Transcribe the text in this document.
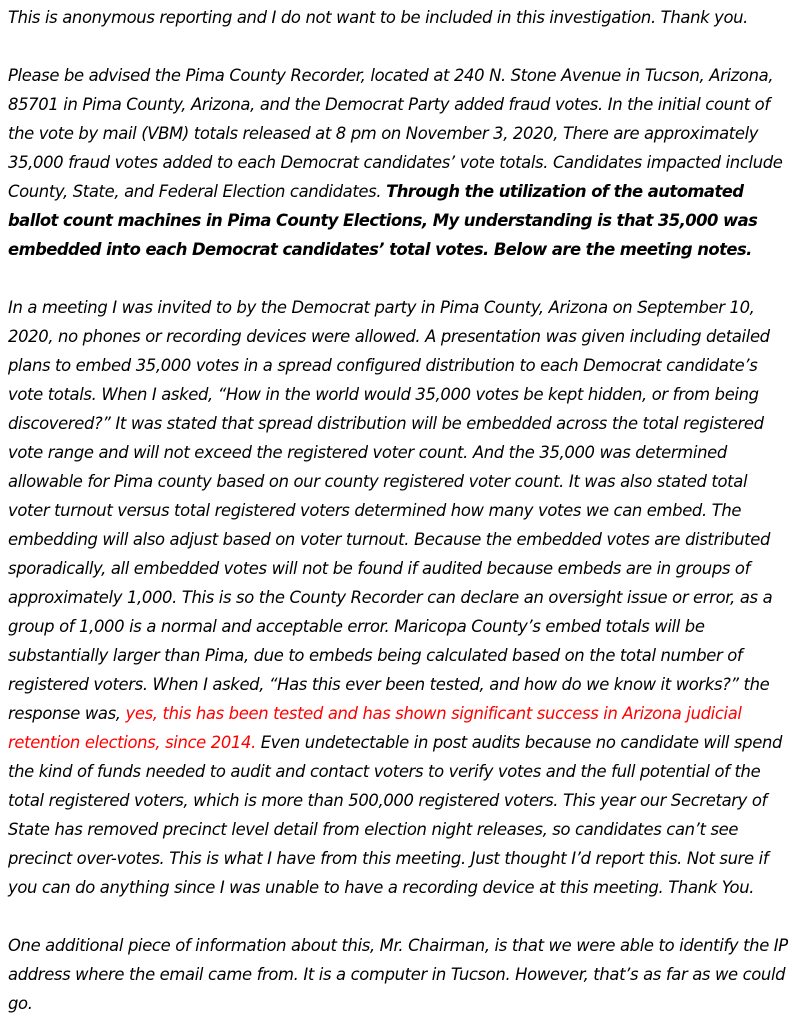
This is anonymous reporting and I do not want to be included in this investigation. Thank you.

Please be advised the Pima County Recorder, located at 240 N. Stone Avenue in Tucson, Arizona, 85701 in Pima County, Arizona, and the Democrat Party added fraud votes. In the initial count of the vote by mail (VBM) totals released at 8 pm on November 3, 2020, There are approximately 35,000 fraud votes added to each Democrat candidates’ vote totals. Candidates impacted include County, State, and Federal Election candidates. Through the utilization of the automated ballot count machines in Pima County Elections, My understanding is that 35,000 was embedded into each Democrat candidates’ total votes. Below are the meeting notes.

In a meeting I was invited to by the Democrat party in Pima County, Arizona on September 10, 2020, no phones or recording devices were allowed. A presentation was given including detailed plans to embed 35,000 votes in a spread configured distribution to each Democrat candidate’s vote totals. When I asked, “How in the world would 35,000 votes be kept hidden, or from being discovered?” It was stated that spread distribution will be embedded across the total registered vote range and will not exceed the registered voter count. And the 35,000 was determined allowable for Pima county based on our county registered voter count. It was also stated total voter turnout versus total registered voters determined how many votes we can embed. The embedding will also adjust based on voter turnout. Because the embedded votes are distributed sporadically, all embedded votes will not be found if audited because embeds are in groups of approximately 1,000. This is so the County Recorder can declare an oversight issue or error, as a group of 1,000 is a normal and acceptable error. Maricopa County’s embed totals will be substantially larger than Pima, due to embeds being calculated based on the total number of registered voters. When I asked, “Has this ever been tested, and how do we know it works?” the response was, yes, this has been tested and has shown significant success in Arizona judicial retention elections, since 2014. Even undetectable in post audits because no candidate will spend the kind of funds needed to audit and contact voters to verify votes and the full potential of the total registered voters, which is more than 500,000 registered voters. This year our Secretary of State has removed precinct level detail from election night releases, so candidates can’t see precinct over-votes. This is what I have from this meeting. Just thought I’d report this. Not sure if you can do anything since I was unable to have a recording device at this meeting. Thank You.

One additional piece of information about this, Mr. Chairman, is that we were able to identify the IP address where the email came from. It is a computer in Tucson. However, that’s as far as we could go.
